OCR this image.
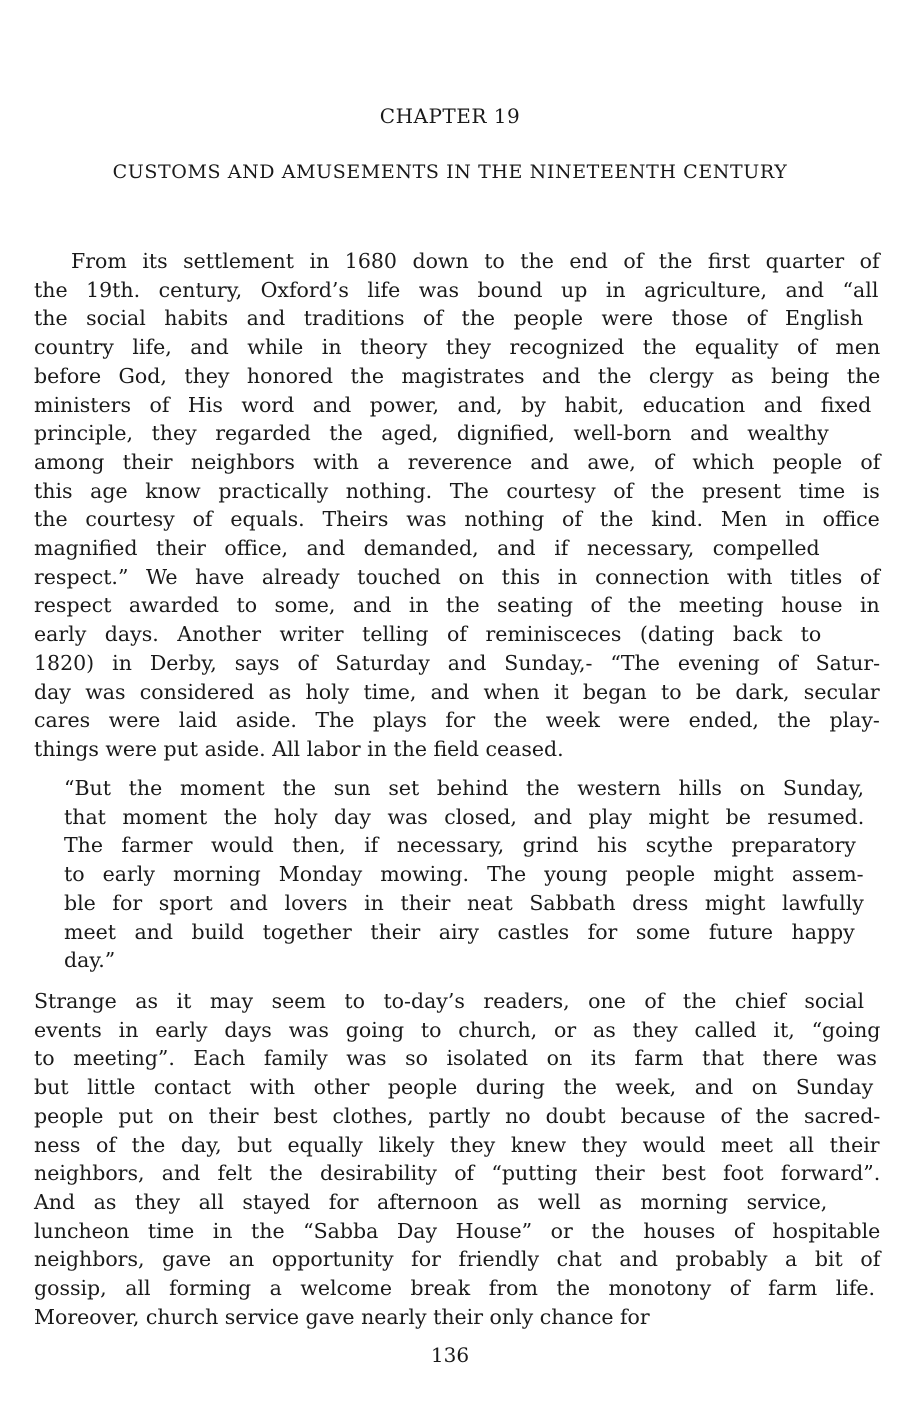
CHAPTER 19
CUSTOMS AND AMUSEMENTS IN THE NINETEENTH CENTURY
From its settlement in 1680 down to the end of the first quarter of
the 19th. century, Oxford’s life was bound up in agriculture, and “all
the social habits and traditions of the people were those of English
country life, and while in theory they recognized the equality of men
before God, they honored the magistrates and the clergy as being the
ministers of His word and power, and, by habit, education and fixed
principle, they regarded the aged, dignified, well-born and wealthy
among their neighbors with a reverence and awe, of which people of
this age know practically nothing. The courtesy of the present time is
the courtesy of equals. Theirs was nothing of the kind. Men in office
magnified their office, and demanded, and if necessary, compelled
respect.” We have already touched on this in connection with titles of
respect awarded to some, and in the seating of the meeting house in
early days. Another writer telling of reminisceces (dating back to
1820) in Derby, says of Saturday and Sunday,- “The evening of Satur-
day was considered as holy time, and when it began to be dark, secular
cares were laid aside. The plays for the week were ended, the play-
things were put aside. All labor in the field ceased.
“But the moment the sun set behind the western hills on Sunday,
that moment the holy day was closed, and play might be resumed.
The farmer would then, if necessary, grind his scythe preparatory
to early morning Monday mowing. The young people might assem-
ble for sport and lovers in their neat Sabbath dress might lawfully
meet and build together their airy castles for some future happy
day.”
Strange as it may seem to to-day’s readers, one of the chief social
events in early days was going to church, or as they called it, “going
to meeting”. Each family was so isolated on its farm that there was
but little contact with other people during the week, and on Sunday
people put on their best clothes, partly no doubt because of the sacred-
ness of the day, but equally likely they knew they would meet all their
neighbors, and felt the desirability of “putting their best foot forward”.
And as they all stayed for afternoon as well as morning service,
luncheon time in the “Sabba Day House” or the houses of hospitable
neighbors, gave an opportunity for friendly chat and probably a bit of
gossip, all forming a welcome break from the monotony of farm life.
Moreover, church service gave nearly their only chance for
136
